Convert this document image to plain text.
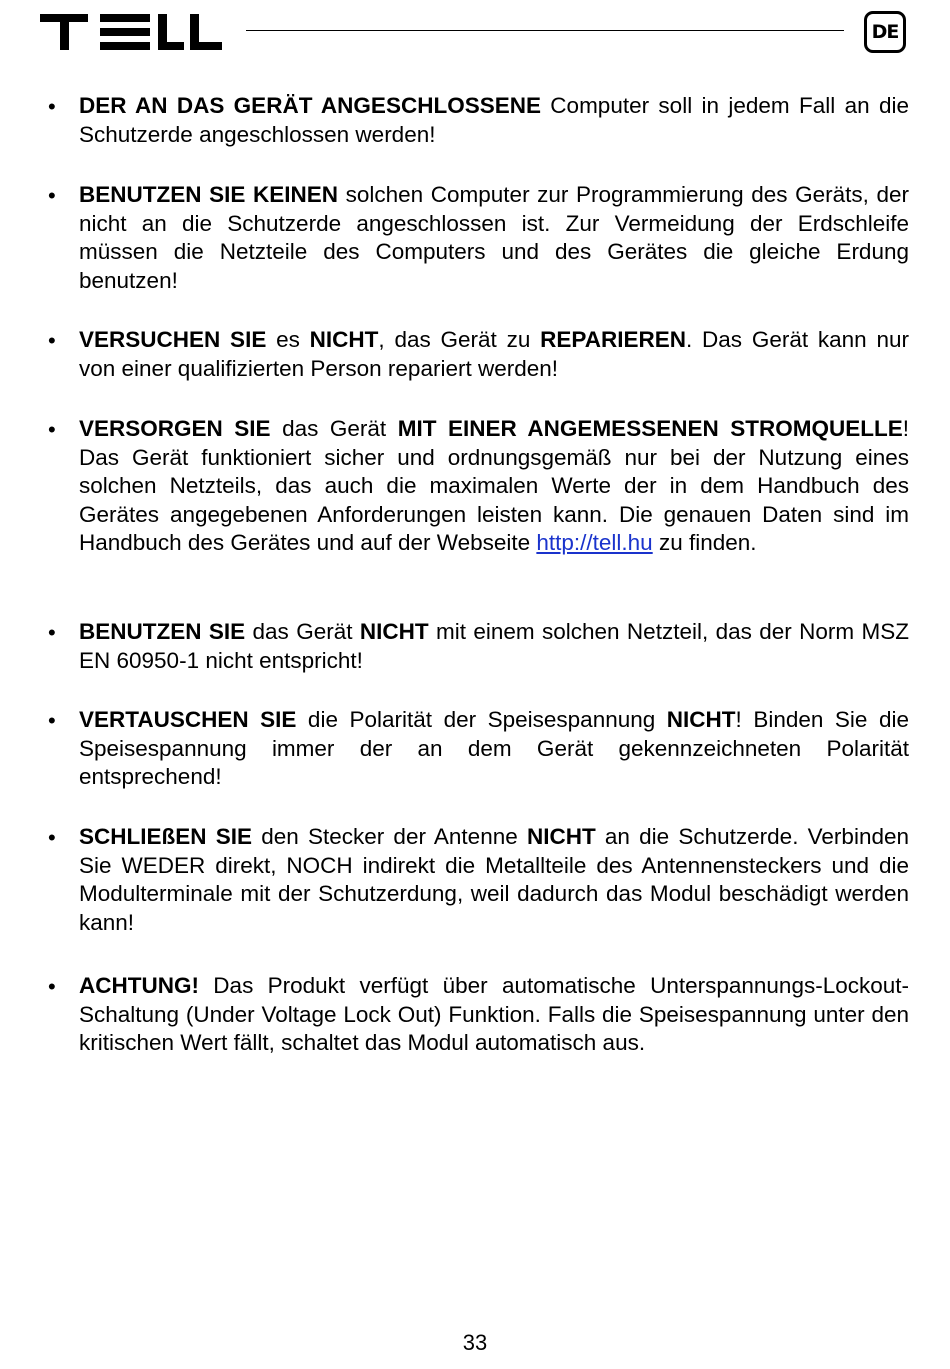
DE
• DER AN DAS GERÄT ANGESCHLOSSENE Computer soll in jedem Fall an die Schutzerde angeschlossen werden!
• BENUTZEN SIE KEINEN solchen Computer zur Programmierung des Geräts, der nicht an die Schutzerde angeschlossen ist. Zur Vermeidung der Erdschleife müssen die Netzteile des Computers und des Gerätes die gleiche Erdung benutzen!
• VERSUCHEN SIE es NICHT, das Gerät zu REPARIEREN. Das Gerät kann nur von einer qualifizierten Person repariert werden!
• VERSORGEN SIE das Gerät MIT EINER ANGEMESSENEN STROMQUELLE! Das Gerät funktioniert sicher und ordnungsgemäß nur bei der Nutzung eines solchen Netzteils, das auch die maximalen Werte der in dem Handbuch des Gerätes angegebenen Anforderungen leisten kann. Die genauen Daten sind im Handbuch des Gerätes und auf der Webseite http://tell.hu zu finden.
• BENUTZEN SIE das Gerät NICHT mit einem solchen Netzteil, das der Norm MSZ EN 60950-1 nicht entspricht!
• VERTAUSCHEN SIE die Polarität der Speisespannung NICHT! Binden Sie die Speisespannung immer der an dem Gerät gekennzeichneten Polarität entsprechend!
• SCHLIEßEN SIE den Stecker der Antenne NICHT an die Schutzerde. Verbinden Sie WEDER direkt, NOCH indirekt die Metallteile des Antennensteckers und die Modulterminale mit der Schutzerdung, weil dadurch das Modul beschädigt werden kann!
• ACHTUNG! Das Produkt verfügt über automatische Unterspannungs-Lockout-Schaltung (Under Voltage Lock Out) Funktion. Falls die Speisespannung unter den kritischen Wert fällt, schaltet das Modul automatisch aus.
33
